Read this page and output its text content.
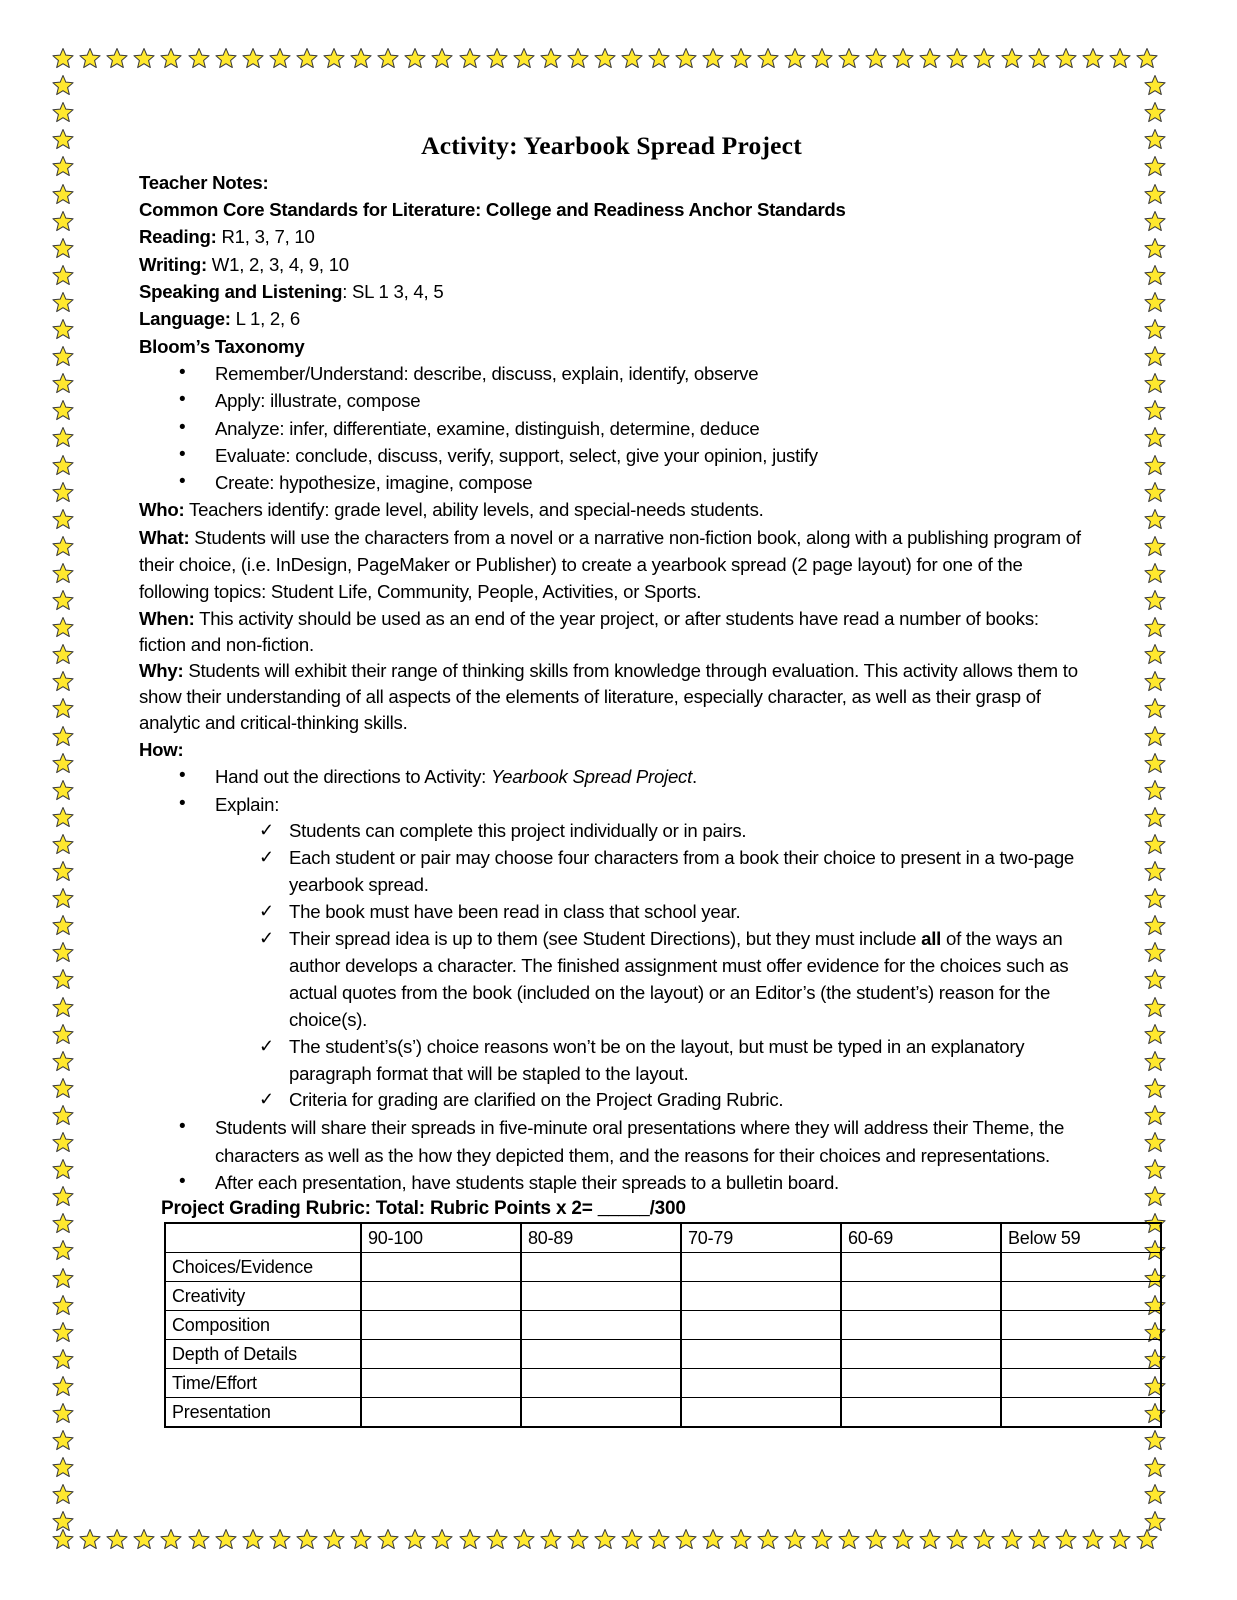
Activity: Yearbook Spread Project

Teacher Notes:

Common Core Standards for Literature: College and Readiness Anchor Standards

Reading: R1, 3, 7, 10

Writing: W1, 2, 3, 4, 9, 10

Speaking and Listening: SL 1 3, 4, 5

Language: L 1, 2, 6

Bloom’s Taxonomy

• Remember/Understand: describe, discuss, explain, identify, observe
• Apply: illustrate, compose
• Analyze: infer, differentiate, examine, distinguish, determine, deduce
• Evaluate: conclude, discuss, verify, support, select, give your opinion, justify
• Create: hypothesize, imagine, compose

Who: Teachers identify: grade level, ability levels, and special-needs students.

What: Students will use the characters from a novel or a narrative non-fiction book, along with a publishing program of their choice, (i.e. InDesign, PageMaker or Publisher) to create a yearbook spread (2 page layout) for one of the following topics: Student Life, Community, People, Activities, or Sports.

When: This activity should be used as an end of the year project, or after students have read a number of books: fiction and non-fiction.

Why: Students will exhibit their range of thinking skills from knowledge through evaluation. This activity allows them to show their understanding of all aspects of the elements of literature, especially character, as well as their grasp of analytic and critical-thinking skills.

How:

• Hand out the directions to Activity: Yearbook Spread Project.
• Explain:
✓ Students can complete this project individually or in pairs.
✓ Each student or pair may choose four characters from a book their choice to present in a two-page yearbook spread.
✓ The book must have been read in class that school year.
✓ Their spread idea is up to them (see Student Directions), but they must include all of the ways an author develops a character. The finished assignment must offer evidence for the choices such as actual quotes from the book (included on the layout) or an Editor’s (the student’s) reason for the choice(s).
✓ The student’s(s’) choice reasons won’t be on the layout, but must be typed in an explanatory paragraph format that will be stapled to the layout.
✓ Criteria for grading are clarified on the Project Grading Rubric.
• Students will share their spreads in five-minute oral presentations where they will address their Theme, the characters as well as the how they depicted them, and the reasons for their choices and representations.
• After each presentation, have students staple their spreads to a bulletin board.
Project Grading Rubric: Total: Rubric Points x 2= _____/300
	90-100	80-89	70-79	60-69	Below 59
Choices/Evidence					
Creativity					
Composition					
Depth of Details					
Time/Effort					
Presentation					
